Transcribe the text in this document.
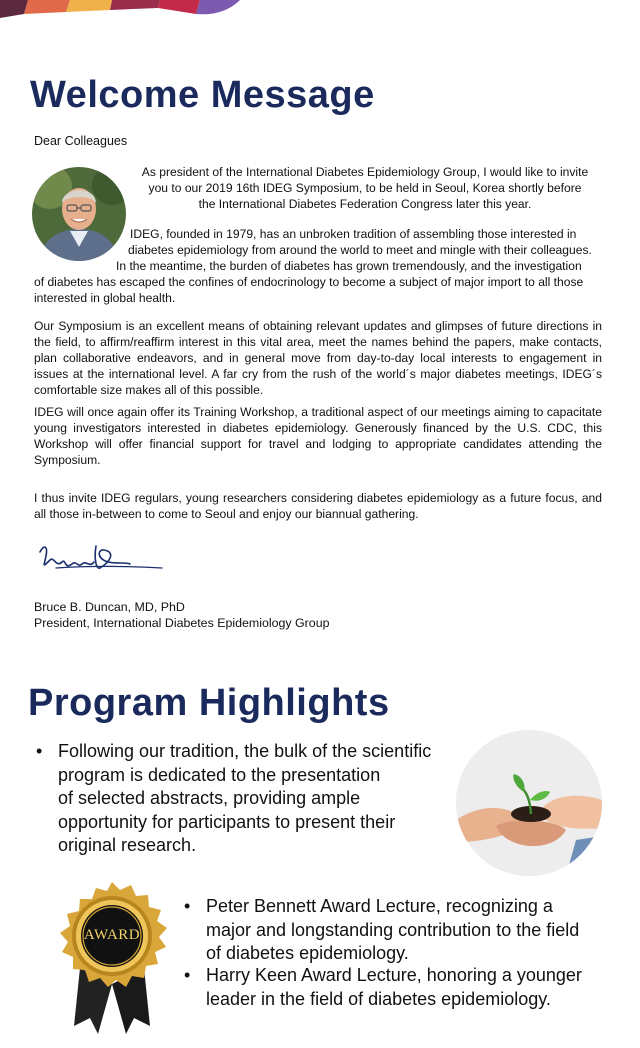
Welcome Message
Dear Colleagues
As president of the International Diabetes Epidemiology Group, I would like to invite
you to our 2019 16th IDEG Symposium, to be held in Seoul, Korea shortly before
the International Diabetes Federation Congress later this year.
IDEG, founded in 1979, has an unbroken tradition of assembling those interested in
diabetes epidemiology from around the world to meet and mingle with their colleagues.
In the meantime, the burden of diabetes has grown tremendously, and the investigation
of diabetes has escaped the confines of endocrinology to become a subject of major import to all those
interested in global health.

Our Symposium is an excellent means of obtaining relevant updates and glimpses of future directions in the field, to affirm/reaffirm interest in this vital area, meet the names behind the papers, make contacts, plan collaborative endeavors, and in general move from day-to-day local interests to engagement in issues at the international level. A far cry from the rush of the world´s major diabetes meetings, IDEG´s comfortable size makes all of this possible.

IDEG will once again offer its Training Workshop, a traditional aspect of our meetings aiming to capacitate young investigators interested in diabetes epidemiology. Generously financed by the U.S. CDC, this Workshop will offer financial support for travel and lodging to appropriate candidates attending the Symposium.

I thus invite IDEG regulars, young researchers considering diabetes epidemiology as a future focus, and all those in-between to come to Seoul and enjoy our biannual gathering.

Bruce B. Duncan, MD, PhD
President, International Diabetes Epidemiology Group
Program Highlights
• Following our tradition, the bulk of the scientific
program is dedicated to the presentation
of selected abstracts, providing ample
opportunity for participants to present their
original research.
AWARD
• Peter Bennett Award Lecture, recognizing a
major and longstanding contribution to the field
of diabetes epidemiology.
• Harry Keen Award Lecture, honoring a younger
leader in the field of diabetes epidemiology.
